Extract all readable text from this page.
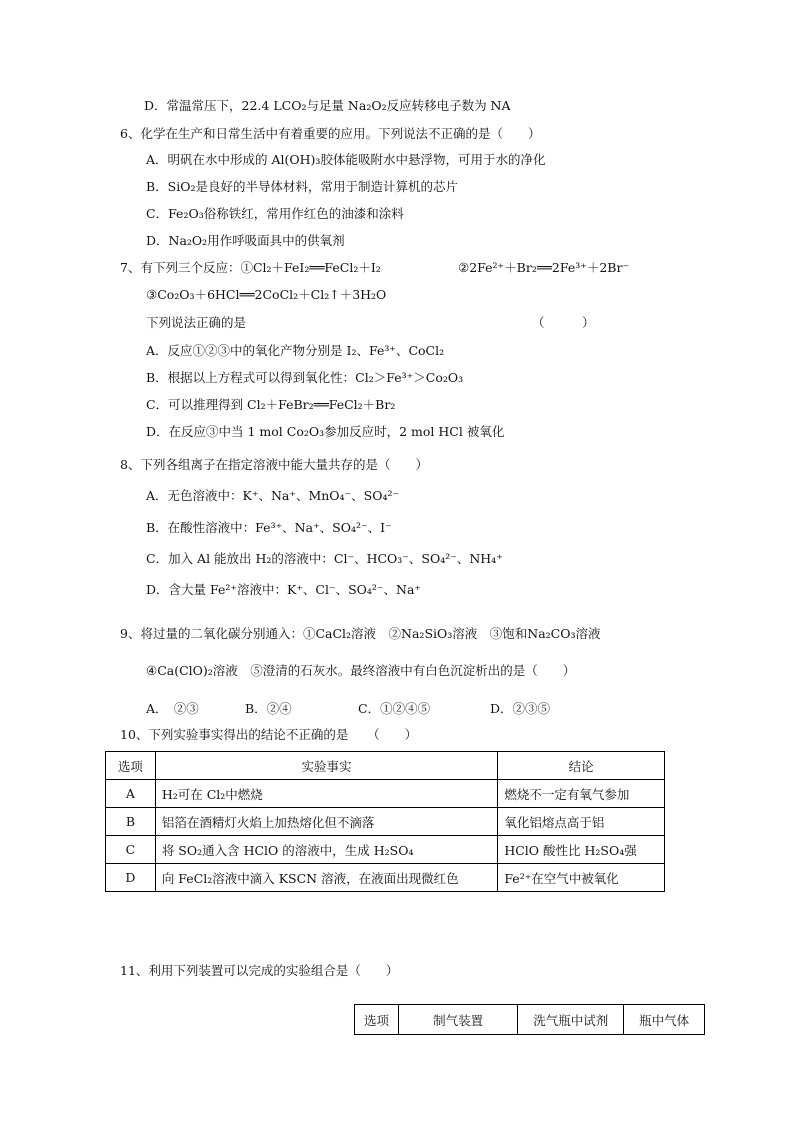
D．常温常压下，22.4 LCO₂与足量 Na₂O₂反应转移电子数为 NA
6、化学在生产和日常生活中有着重要的应用。下列说法不正确的是（　　）
A．明矾在水中形成的 Al(OH)₃胶体能吸附水中悬浮物，可用于水的净化
B．SiO₂是良好的半导体材料，常用于制造计算机的芯片
C．Fe₂O₃俗称铁红，常用作红色的油漆和涂料
D．Na₂O₂用作呼吸面具中的供氧剂
7、有下列三个反应：①Cl₂＋FeI₂══FeCl₂＋I₂	②2Fe²⁺＋Br₂══2Fe³⁺＋2Br⁻
③Co₂O₃＋6HCl══2CoCl₂＋Cl₂↑＋3H₂O
下列说法正确的是	（　　　）
A．反应①②③中的氧化产物分别是 I₂、Fe³⁺、CoCl₂
B．根据以上方程式可以得到氧化性：Cl₂＞Fe³⁺＞Co₂O₃
C．可以推理得到 Cl₂＋FeBr₂══FeCl₂＋Br₂
D．在反应③中当 1 mol Co₂O₃参加反应时，2 mol HCl 被氧化
8、下列各组离子在指定溶液中能大量共存的是（　　）
A．无色溶液中：K⁺、Na⁺、MnO₄⁻、SO₄²⁻
B．在酸性溶液中：Fe³⁺、Na⁺、SO₄²⁻、I⁻
C．加入 Al 能放出 H₂的溶液中：Cl⁻、HCO₃⁻、SO₄²⁻、NH₄⁺
D．含大量 Fe²⁺溶液中：K⁺、Cl⁻、SO₄²⁻、Na⁺
9、将过量的二氧化碳分别通入：①CaCl₂溶液　②Na₂SiO₃溶液　③饱和Na₂CO₃溶液
④Ca(ClO)₂溶液　⑤澄清的石灰水。最终溶液中有白色沉淀析出的是（　　）
A．　②③	B．②④	C．①②④⑤	D．②③⑤
10、下列实验事实得出的结论不正确的是　　（　　）
选项	实验事实	结论
A	H₂可在 Cl₂中燃烧	燃烧不一定有氧气参加
B	铝箔在酒精灯火焰上加热熔化但不滴落	氧化铝熔点高于铝
C	将 SO₂通入含 HClO 的溶液中，生成 H₂SO₄	HClO 酸性比 H₂SO₄强
D	向 FeCl₂溶液中滴入 KSCN 溶液，在液面出现微红色	Fe²⁺在空气中被氧化
11、利用下列装置可以完成的实验组合是（　　）
选项	制气装置	洗气瓶中试剂	瓶中气体
